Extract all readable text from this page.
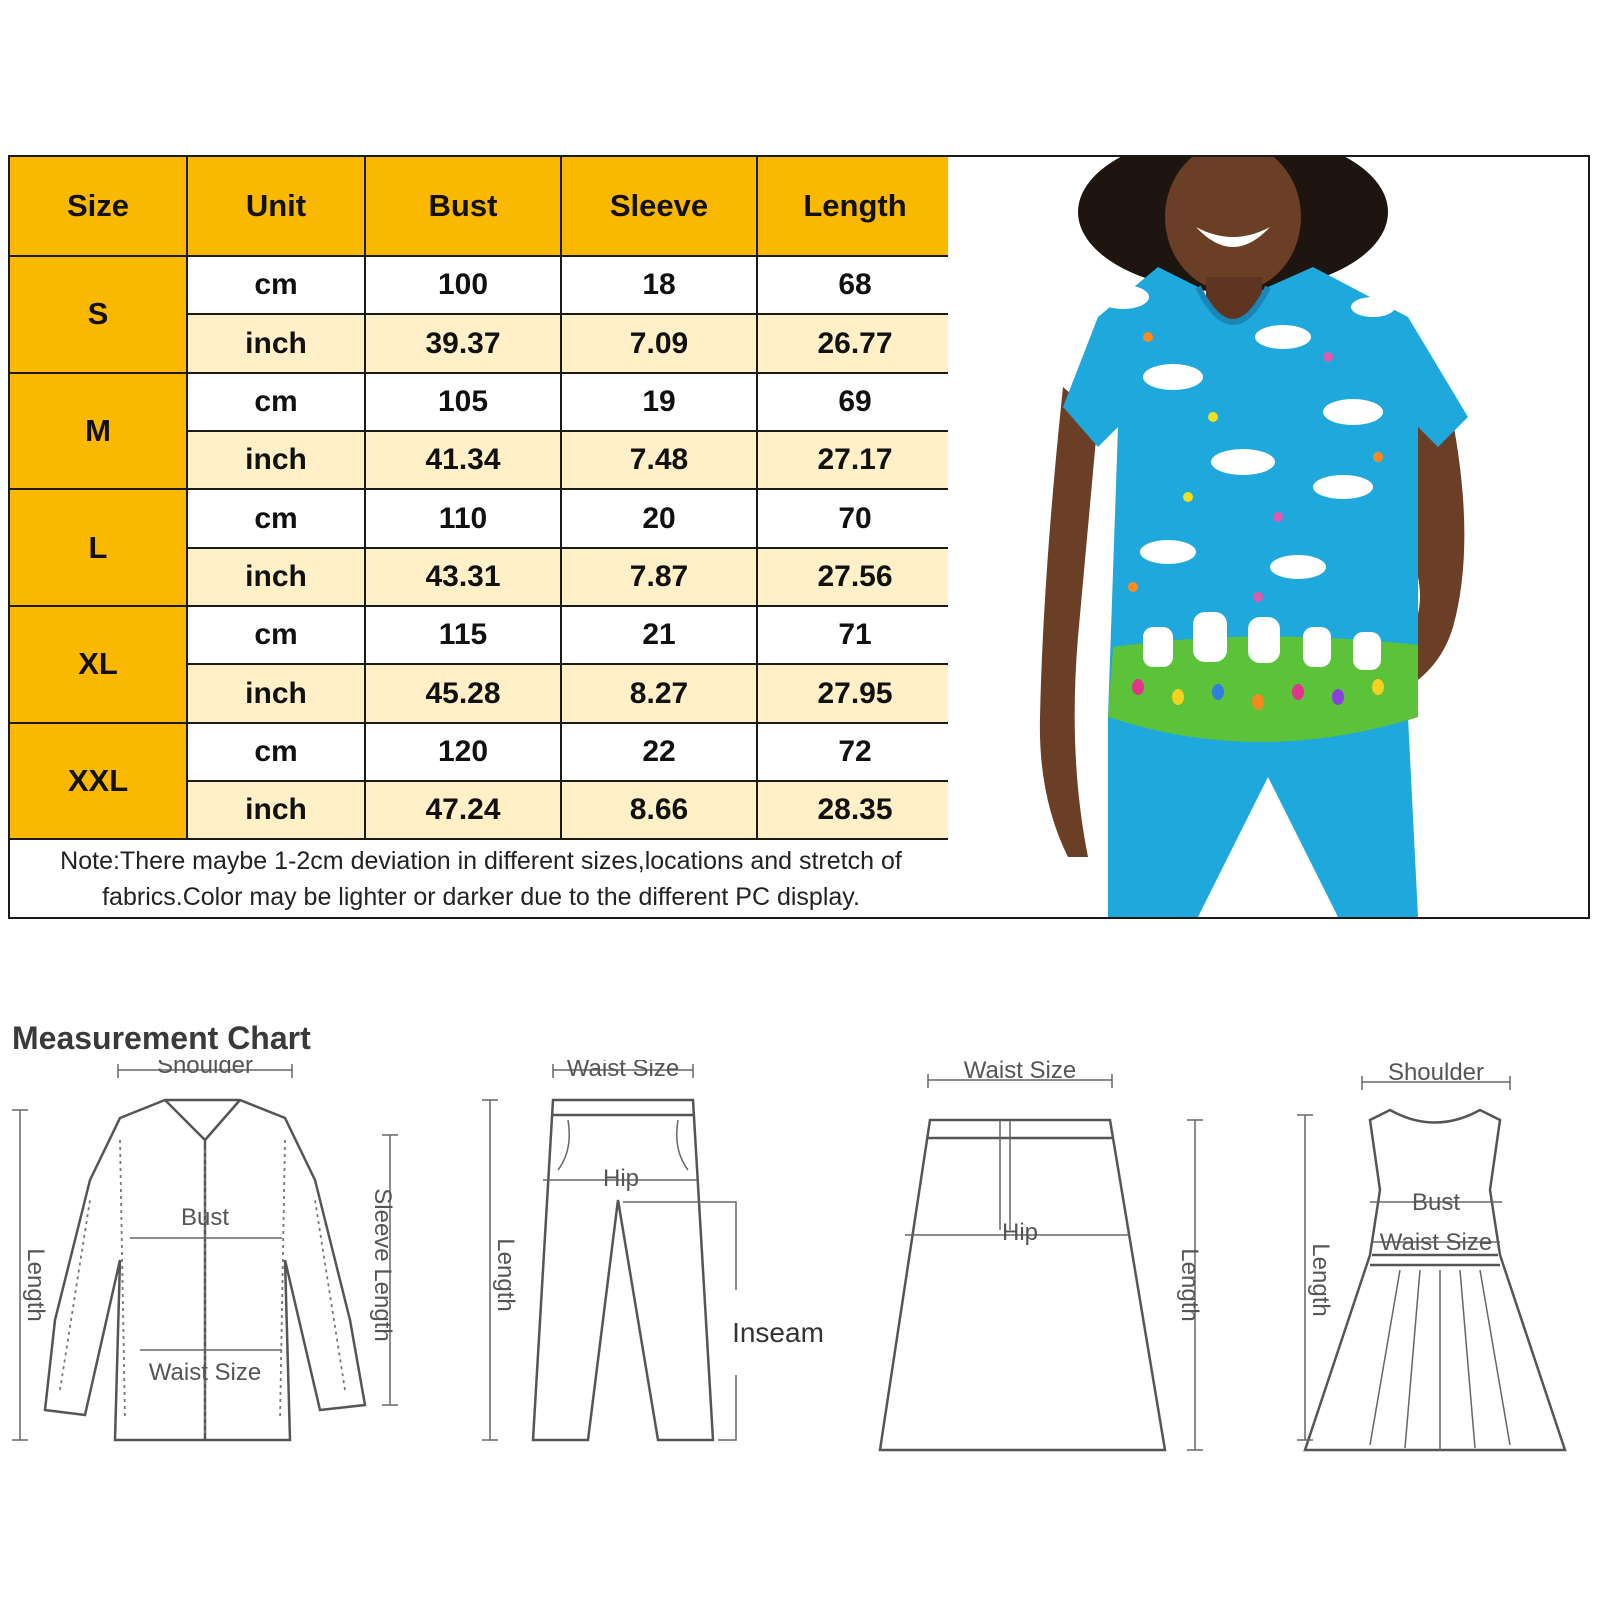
Size	Unit	Bust	Sleeve	Length
S	cm	100	18	68
	inch	39.37	7.09	26.77
M	cm	105	19	69
	inch	41.34	7.48	27.17
L	cm	110	20	70
	inch	43.31	7.87	27.56
XL	cm	115	21	71
	inch	45.28	8.27	27.95
XXL	cm	120	22	72
	inch	47.24	8.66	28.35
Note:There maybe 1-2cm deviation in different sizes,locations and stretch of fabrics.Color may be lighter or darker due to the different PC display.				
Measurement Chart
Shoulder
Bust
Waist Size
Length	Sleeve Length
Waist Size
Hip
Length
Inseam
Waist Size
Hip
Length
Shoulder
Bust
Waist Size
Length
